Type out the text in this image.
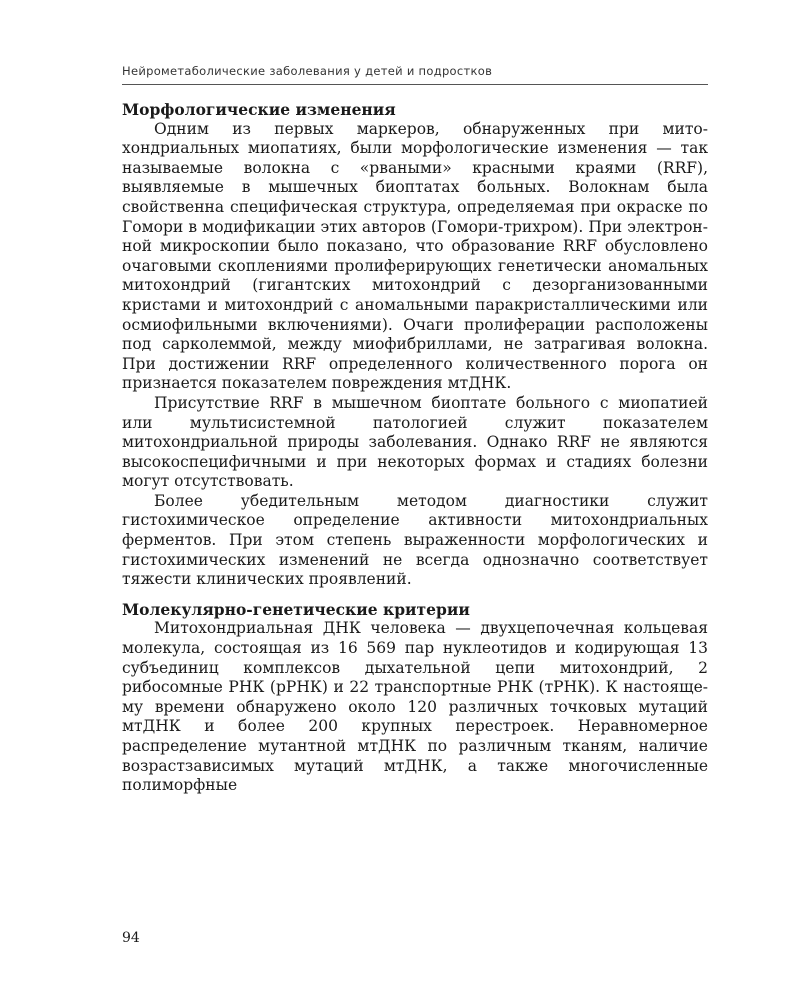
Нейрометаболические заболевания у детей и подростков
Морфологические изменения

Одним из первых маркеров, обнаруженных при митохондриальных миопатиях, были морфологические изменения — так называемые волокна с «рваными» красными краями (RRF), выявляемые в мышечных биоптатах больных. Волокнам была свойственна специфическая структура, определяемая при окраске по Гомори в модификации этих авторов (Гомори-трихром). При электронной микроскопии было показано, что образование RRF обусловлено очаговыми скоплениями пролиферирующих генетически аномальных митохондрий (гигантских митохондрий с дезорганизованными кристами и митохондрий с аномальными паракристаллическими или осмиофильными включениями). Очаги пролиферации расположены под сарколеммой, между миофибриллами, не затрагивая волокна. При достижении RRF определенного количественного порога он признается показателем повреждения мтДНК.

Присутствие RRF в мышечном биоптате больного с миопатией или мультисистемной патологией служит показателем митохондриальной природы заболевания. Однако RRF не являются высокоспецифичными и при некоторых формах и стадиях болезни могут отсутствовать.

Более убедительным методом диагностики служит гистохимическое определение активности митохондриальных ферментов. При этом степень выраженности морфологических и гистохимических изменений не всегда однозначно соответствует тяжести клинических проявлений.

Молекулярно-генетические критерии

Митохондриальная ДНК человека — двухцепочечная кольцевая молекула, состоящая из 16 569 пар нуклеотидов и кодирующая 13 субъединиц комплексов дыхательной цепи митохондрий, 2 рибосомные РНК (рРНК) и 22 транспортные РНК (тРНК). К настоящему времени обнаружено около 120 различных точковых мутаций мтДНК и более 200 крупных перестроек. Неравномерное распределение мутантной мтДНК по различным тканям, наличие возрастзависимых мутаций мтДНК, а также многочисленные полиморфные

94
